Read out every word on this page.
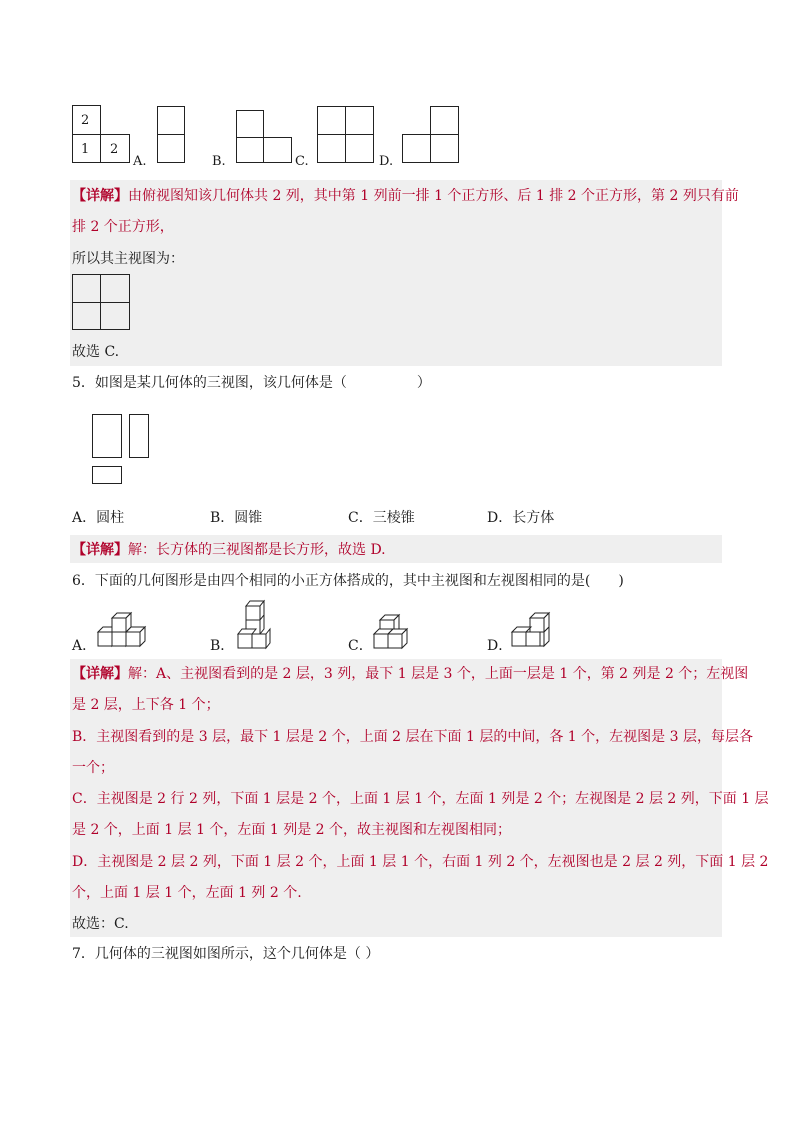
2
1 2
A.	B.	C.	D.
【详解】由俯视图知该几何体共 2 列，其中第 1 列前一排 1 个正方形、后 1 排 2 个正方形，第 2 列只有前
排 2 个正方形，
所以其主视图为：
故选 C.
5．如图是某几何体的三视图，该几何体是（　　　　　）
A．圆柱	B．圆锥	C．三棱锥	D．长方体
【详解】解：长方体的三视图都是长方形，故选 D.
6．下面的几何图形是由四个相同的小正方体搭成的，其中主视图和左视图相同的是(　　)
A．	B．	C．	D．
【详解】解：A、主视图看到的是 2 层，3 列，最下 1 层是 3 个，上面一层是 1 个，第 2 列是 2 个；左视图
是 2 层，上下各 1 个；
B．主视图看到的是 3 层，最下 1 层是 2 个，上面 2 层在下面 1 层的中间，各 1 个，左视图是 3 层，每层各
一个；
C．主视图是 2 行 2 列，下面 1 层是 2 个，上面 1 层 1 个，左面 1 列是 2 个；左视图是 2 层 2 列，下面 1 层
是 2 个，上面 1 层 1 个，左面 1 列是 2 个，故主视图和左视图相同；
D．主视图是 2 层 2 列，下面 1 层 2 个，上面 1 层 1 个，右面 1 列 2 个，左视图也是 2 层 2 列，下面 1 层 2
个，上面 1 层 1 个，左面 1 列 2 个.
故选：C.
7．几何体的三视图如图所示，这个几何体是（ ）
